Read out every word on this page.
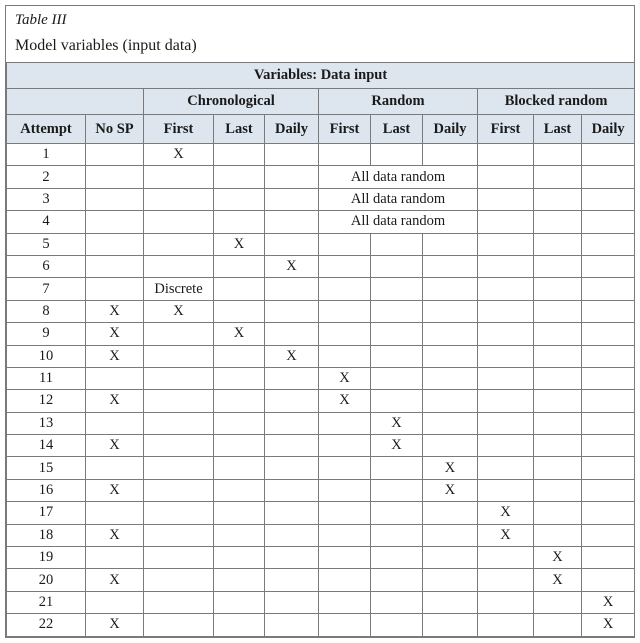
Table III
Model variables (input data)
Variables: Data input										
		Chronological			Random			Blocked random		
Attempt	No SP	First	Last	Daily	First	Last	Daily	First	Last	Daily
1		X								
2					All data random					
3					All data random					
4					All data random					
5			X							
6				X						
7		Discrete								
8	X	X								
9	X		X							
10	X			X						
11					X					
12	X				X					
13						X				
14	X					X				
15							X			
16	X						X			
17								X		
18	X							X		
19									X	
20	X								X	
21										X
22	X									X
